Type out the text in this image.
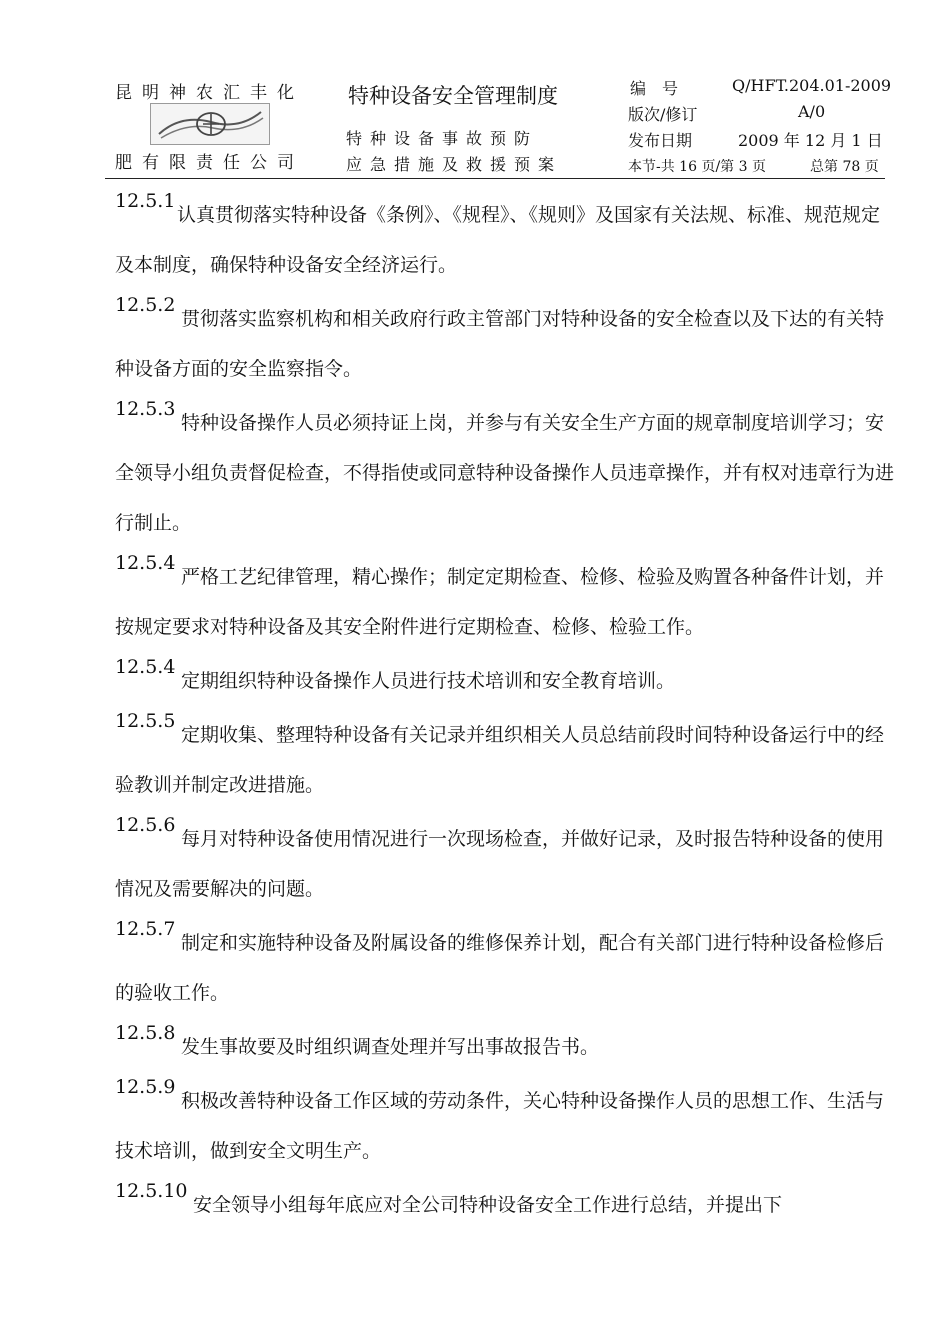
昆明神农汇丰化
肥有限责任公司
特种设备安全管理制度
特种设备事故预防
应急措施及救援预案
编　号	Q/HFT.204.01-2009
版次/修订	A/0
发布日期	2009 年 12 月 1 日
本节-共 16 页/第 3 页	总第 78 页
12.5.1

认真贯彻落实特种设备《条例》、《规程》、《规则》及国家有关法规、标准、规范规定及本制度，确保特种设备安全经济运行。

12.5.2

贯彻落实监察机构和相关政府行政主管部门对特种设备的安全检查以及下达的有关特种设备方面的安全监察指令。

12.5.3

特种设备操作人员必须持证上岗，并参与有关安全生产方面的规章制度培训学习；安全领导小组负责督促检查，不得指使或同意特种设备操作人员违章操作，并有权对违章行为进行制止。

12.5.4

严格工艺纪律管理，精心操作；制定定期检查、检修、检验及购置各种备件计划，并按规定要求对特种设备及其安全附件进行定期检查、检修、检验工作。

12.5.4

定期组织特种设备操作人员进行技术培训和安全教育培训。

12.5.5

定期收集、整理特种设备有关记录并组织相关人员总结前段时间特种设备运行中的经验教训并制定改进措施。

12.5.6

每月对特种设备使用情况进行一次现场检查，并做好记录，及时报告特种设备的使用情况及需要解决的问题。

12.5.7

制定和实施特种设备及附属设备的维修保养计划，配合有关部门进行特种设备检修后的验收工作。

12.5.8

发生事故要及时组织调查处理并写出事故报告书。

12.5.9

积极改善特种设备工作区域的劳动条件，关心特种设备操作人员的思想工作、生活与技术培训，做到安全文明生产。

12.5.10

安全领导小组每年底应对全公司特种设备安全工作进行总结，并提出下
